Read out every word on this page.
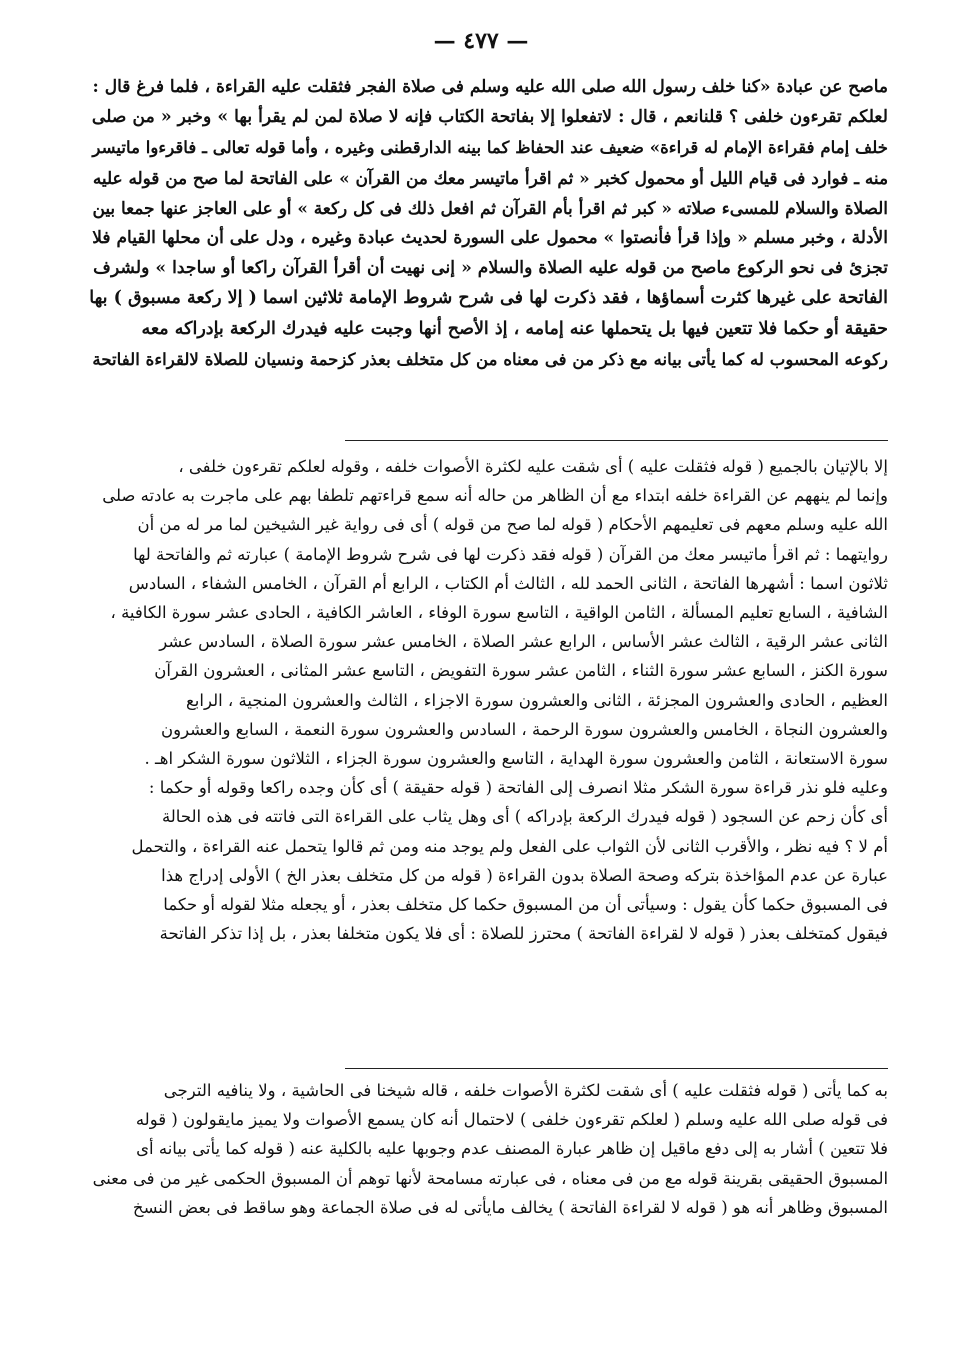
— ٤٧٧ —
ماصح عن عبادة «كنا خلف رسول الله صلى الله عليه وسلم فى صلاة الفجر فثقلت عليه القراءة ، فلما فرغ قال :
لعلكم تقرءون خلفى ؟ قلنانعم ، قال : لاتفعلوا إلا بفاتحة الكتاب فإنه لا صلاة لمن لم يقرأ بها » وخبر « من صلى
خلف إمام فقراءة الإمام له قراءة» ضعيف عند الحفاظ كما بينه الدارقطنى وغيره ، وأما قوله تعالى ـ فاقرءوا ماتيسر
منه ـ فوارد فى قيام الليل أو محمول كخبر « ثم اقرأ ماتيسر معك من القرآن » على الفاتحة لما صح من قوله عليه
الصلاة والسلام للمسىء صلاته « كبر ثم اقرأ بأم القرآن ثم افعل ذلك فى كل ركعة » أو على العاجز عنها جمعا بين
الأدلة ، وخبر مسلم « وإذا قرأ فأنصتوا » محمول على السورة لحديث عبادة وغيره ، ودل على أن محلها القيام فلا
تجزئ فى نحو الركوع ماصح من قوله عليه الصلاة والسلام « إنى نهيت أن أقرأ القرآن راكعا أو ساجدا » ولشرف
الفاتحة على غيرها كثرت أسماؤها ، فقد ذكرت لها فى شرح شروط الإمامة ثلاثين اسما ( إلا ركعة مسبوق ) بها
حقيقة أو حكما فلا تتعين فيها بل يتحملها عنه إمامه ، إذ الأصح أنها وجبت عليه فيدرك الركعة بإدراكه معه
ركوعه المحسوب له كما يأتى بيانه مع ذكر من فى معناه من كل متخلف بعذر كزحمة ونسيان للصلاة لالقراءة الفاتحة
إلا بالإتيان بالجميع ( قوله فثقلت عليه ) أى شقت عليه لكثرة الأصوات خلفه ، وقوله لعلكم تقرءون خلفى ،
وإنما لم ينههم عن القراءة خلفه ابتداء مع أن الظاهر من حاله أنه سمع قراءتهم تلطفا بهم على ماجرت به عادته صلى
الله عليه وسلم معهم فى تعليمهم الأحكام ( قوله لما صح من قوله ) أى فى رواية غير الشيخين لما مر له من أن
روايتهما : ثم اقرأ ماتيسر معك من القرآن ( قوله فقد ذكرت لها فى شرح شروط الإمامة ) عبارته ثم والفاتحة لها
ثلاثون اسما : أشهرها الفاتحة ، الثانى الحمد لله ، الثالث أم الكتاب ، الرابع أم القرآن ، الخامس الشفاء ، السادس
الشافية ، السابع تعليم المسألة ، الثامن الواقية ، التاسع سورة الوفاء ، العاشر الكافية ، الحادى عشر سورة الكافية ،
الثانى عشر الرقية ، الثالث عشر الأساس ، الرابع عشر الصلاة ، الخامس عشر سورة الصلاة ، السادس عشر
سورة الكنز ، السابع عشر سورة الثناء ، الثامن عشر سورة التفويض ، التاسع عشر المثانى ، العشرون القرآن
العظيم ، الحادى والعشرون المجزئة ، الثانى والعشرون سورة الاجزاء ، الثالث والعشرون المنجية ، الرابع
والعشرون النجاة ، الخامس والعشرون سورة الرحمة ، السادس والعشرون سورة النعمة ، السابع والعشرون
سورة الاستعانة ، الثامن والعشرون سورة الهداية ، التاسع والعشرون سورة الجزاء ، الثلاثون سورة الشكر اهـ .
وعليه فلو نذر قراءة سورة الشكر مثلا انصرف إلى الفاتحة ( قوله حقيقة ) أى كأن وجده راكعا وقوله أو حكما :
أى كأن زحم عن السجود ( قوله فيدرك الركعة بإدراكه ) أى وهل يثاب على القراءة التى فاتته فى هذه الحالة
أم لا ؟ فيه نظر ، والأقرب الثانى لأن الثواب على الفعل ولم يوجد منه ومن ثم قالوا يتحمل عنه القراءة ، والتحمل
عبارة عن عدم المؤاخذة بتركه وصحة الصلاة بدون القراءة ( قوله من كل متخلف بعذر الخ ) الأولى إدراج هذا
فى المسبوق حكما كأن يقول : وسيأتى أن من المسبوق حكما كل متخلف بعذر ، أو يجعله مثلا لقوله أو حكما
فيقول كمتخلف بعذر ( قوله لا لقراءة الفاتحة ) محترز للصلاة : أى فلا يكون متخلفا بعذر ، بل إذا تذكر الفاتحة
به كما يأتى ( قوله فثقلت عليه ) أى شقت لكثرة الأصوات خلفه ، قاله شيخنا فى الحاشية ، ولا ينافيه الترجى
فى قوله صلى الله عليه وسلم ( لعلكم تقرءون خلفى ) لاحتمال أنه كان يسمع الأصوات ولا يميز مايقولون ( قوله
فلا تتعين ) أشار به إلى دفع ماقيل إن ظاهر عبارة المصنف عدم وجوبها عليه بالكلية عنه ( قوله كما يأتى بيانه أى
المسبوق الحقيقى بقرينة قوله مع من فى معناه ، فى عبارته مسامحة لأنها توهم أن المسبوق الحكمى غير من فى معنى
المسبوق وظاهر أنه هو ( قوله لا لقراءة الفاتحة ) يخالف مايأتى له فى صلاة الجماعة وهو ساقط فى بعض النسخ
